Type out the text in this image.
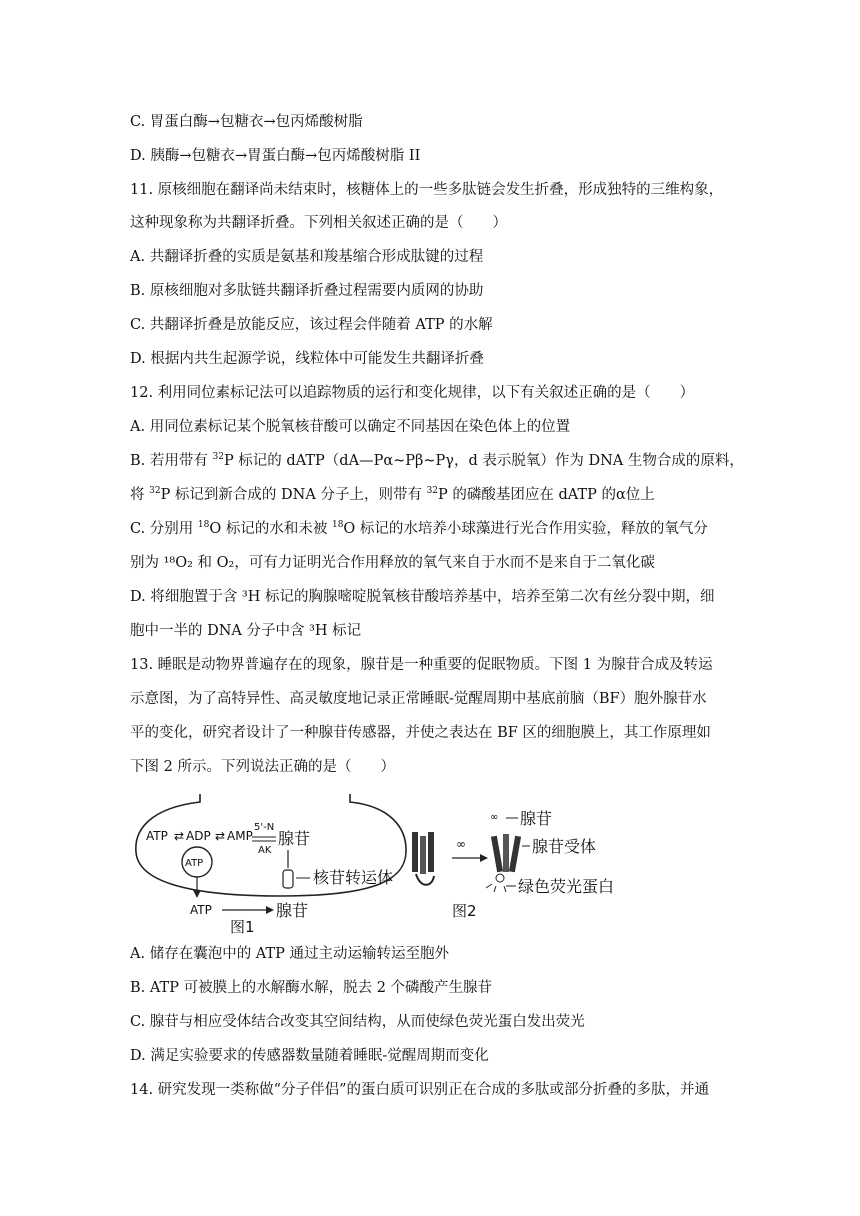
C. 胃蛋白酶→包糖衣→包丙烯酸树脂
D. 胰酶→包糖衣→胃蛋白酶→包丙烯酸树脂 II
11. 原核细胞在翻译尚未结束时，核糖体上的一些多肽链会发生折叠，形成独特的三维构象，
这种现象称为共翻译折叠。下列相关叙述正确的是（　　）
A. 共翻译折叠的实质是氨基和羧基缩合形成肽键的过程
B. 原核细胞对多肽链共翻译折叠过程需要内质网的协助
C. 共翻译折叠是放能反应，该过程会伴随着 ATP 的水解
D. 根据内共生起源学说，线粒体中可能发生共翻译折叠
12. 利用同位素标记法可以追踪物质的运行和变化规律，以下有关叙述正确的是（　　）
A. 用同位素标记某个脱氧核苷酸可以确定不同基因在染色体上的位置
B. 若用带有 $^{32}$P 标记的 dATP（dA—Pα~Pβ~Pγ，d 表示脱氧）作为 DNA 生物合成的原料，
将 $^{32}$P 标记到新合成的 DNA 分子上，则带有 $^{32}$P 的磷酸基团应在 dATP 的α位上
C. 分别用 $^{18}$O 标记的水和未被 $^{18}$O 标记的水培养小球藻进行光合作用实验，释放的氧气分
别为 ¹⁸O₂ 和 O₂，可有力证明光合作用释放的氧气来自于水而不是来自于二氧化碳
D. 将细胞置于含 ³H 标记的胸腺嘧啶脱氧核苷酸培养基中，培养至第二次有丝分裂中期，细
胞中一半的 DNA 分子中含 ³H 标记
13. 睡眠是动物界普遍存在的现象，腺苷是一种重要的促眠物质。下图 1 为腺苷合成及转运
示意图，为了高特异性、高灵敏度地记录正常睡眠-觉醒周期中基底前脑（BF）胞外腺苷水
平的变化，研究者设计了一种腺苷传感器，并使之表达在 BF 区的细胞膜上，其工作原理如
下图 2 所示。下列说法正确的是（　　）
ATP ⇄ ADP ⇄ AMP
5'-N
AK
腺苷
ATP
核苷转运体
ATP	腺苷
图1
∞
∞ 腺苷
腺苷受体
绿色荧光蛋白
图2
A. 储存在囊泡中的 ATP 通过主动运输转运至胞外
B. ATP 可被膜上的水解酶水解，脱去 2 个磷酸产生腺苷
C. 腺苷与相应受体结合改变其空间结构，从而使绿色荧光蛋白发出荧光
D. 满足实验要求的传感器数量随着睡眠-觉醒周期而变化
14. 研究发现一类称做“分子伴侣”的蛋白质可识别正在合成的多肽或部分折叠的多肽，并通
